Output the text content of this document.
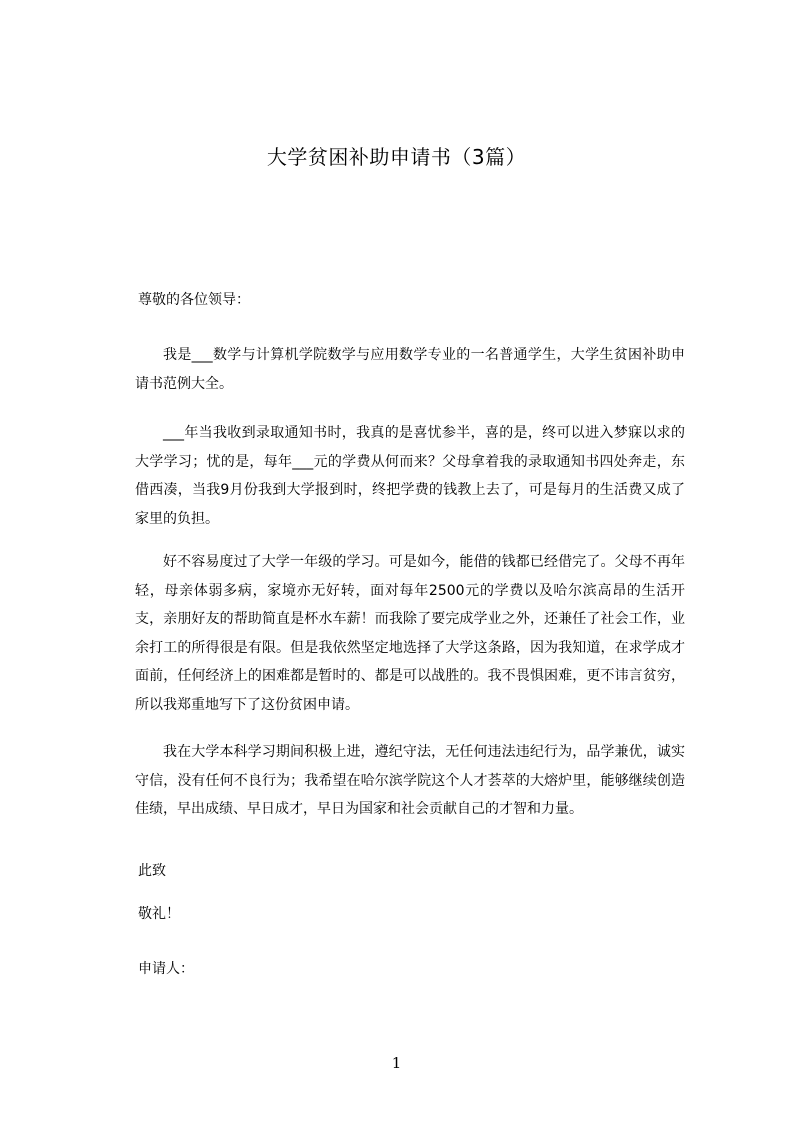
大学贫困补助申请书（3篇）

尊敬的各位领导：

我是___数学与计算机学院数学与应用数学专业的一名普通学生，大学生贫困补助申请书范例大全。

___年当我收到录取通知书时，我真的是喜忧参半，喜的是，终可以进入梦寐以求的大学学习；忧的是，每年___元的学费从何而来？父母拿着我的录取通知书四处奔走，东借西凑，当我9月份我到大学报到时，终把学费的钱教上去了，可是每月的生活费又成了家里的负担。

好不容易度过了大学一年级的学习。可是如今，能借的钱都已经借完了。父母不再年轻，母亲体弱多病，家境亦无好转，面对每年2500元的学费以及哈尔滨高昂的生活开支，亲朋好友的帮助简直是杯水车薪！而我除了要完成学业之外，还兼任了社会工作，业余打工的所得很是有限。但是我依然坚定地选择了大学这条路，因为我知道，在求学成才面前，任何经济上的困难都是暂时的、都是可以战胜的。我不畏惧困难，更不讳言贫穷，所以我郑重地写下了这份贫困申请。

我在大学本科学习期间积极上进，遵纪守法，无任何违法违纪行为，品学兼优，诚实守信，没有任何不良行为；我希望在哈尔滨学院这个人才荟萃的大熔炉里，能够继续创造佳绩，早出成绩、早日成才，早日为国家和社会贡献自己的才智和力量。

此致

敬礼！

申请人：

1
